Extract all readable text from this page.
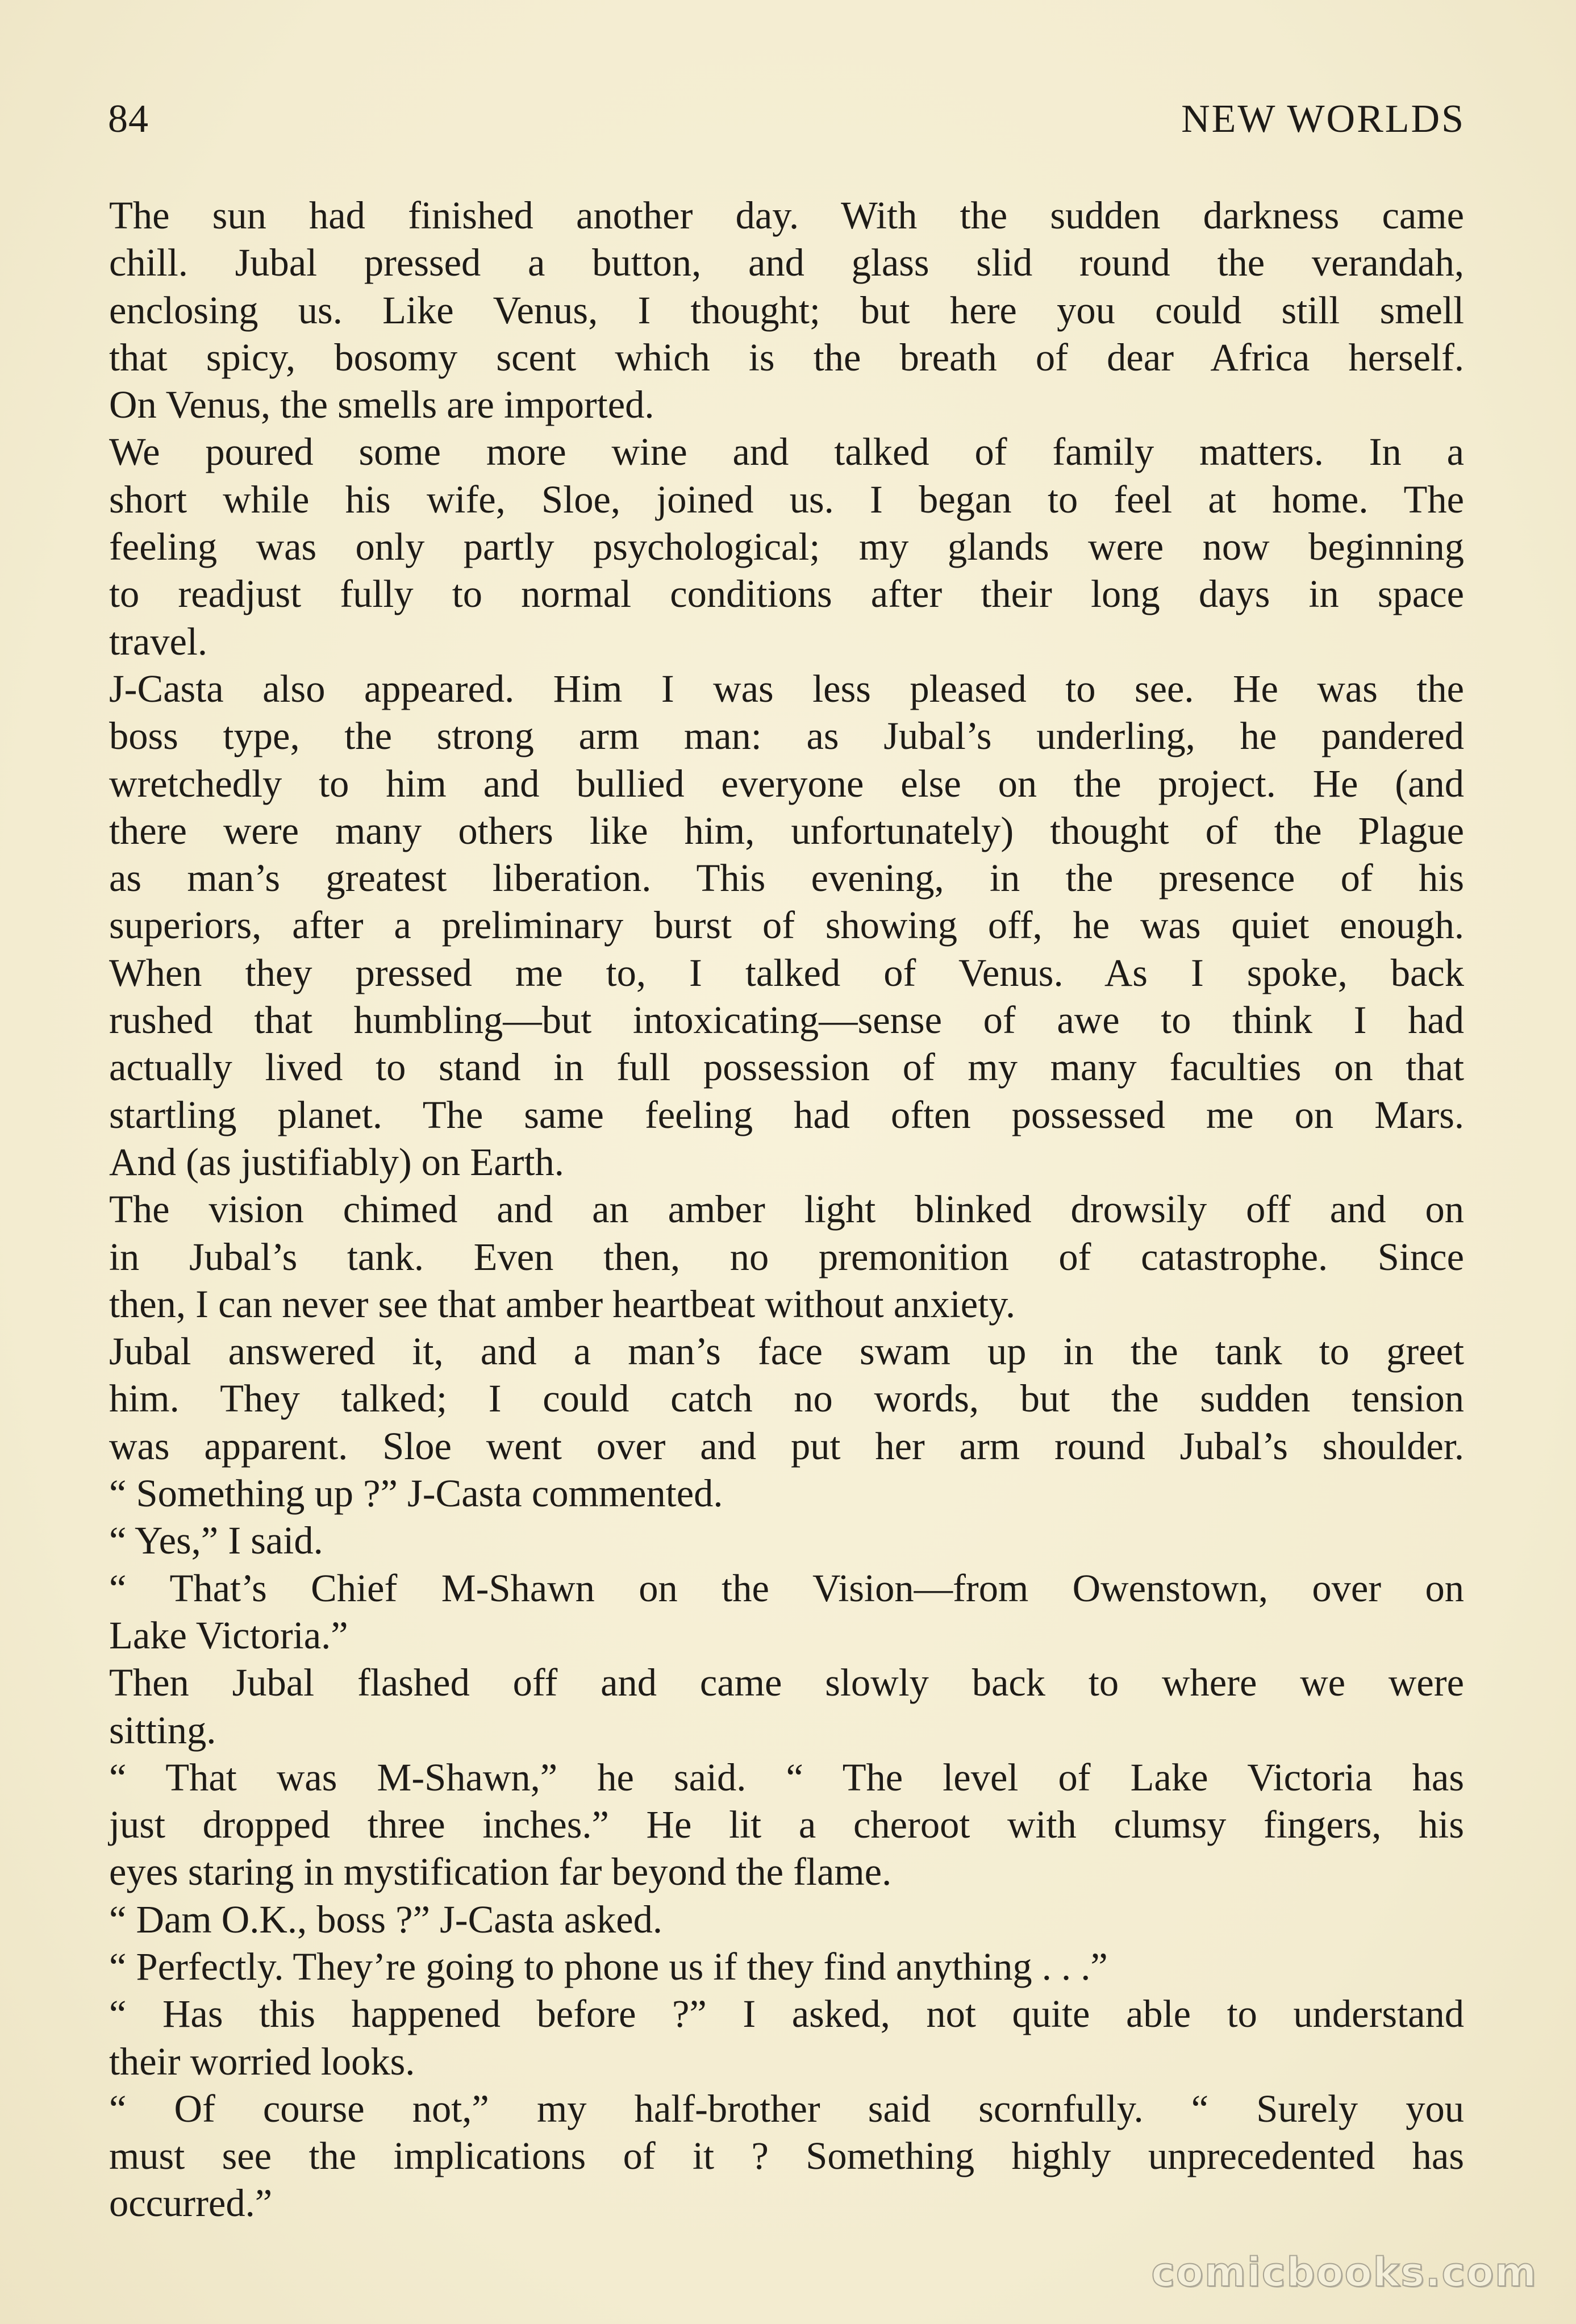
84	NEW WORLDS
The sun had finished another day. With the sudden darkness came
chill. Jubal pressed a button, and glass slid round the verandah,
enclosing us. Like Venus, I thought; but here you could still smell
that spicy, bosomy scent which is the breath of dear Africa herself.
On Venus, the smells are imported.
We poured some more wine and talked of family matters. In a
short while his wife, Sloe, joined us. I began to feel at home. The
feeling was only partly psychological; my glands were now beginning
to readjust fully to normal conditions after their long days in space
travel.
J-Casta also appeared. Him I was less pleased to see. He was the
boss type, the strong arm man: as Jubal’s underling, he pandered
wretchedly to him and bullied everyone else on the project. He (and
there were many others like him, unfortunately) thought of the Plague
as man’s greatest liberation. This evening, in the presence of his
superiors, after a preliminary burst of showing off, he was quiet enough.
When they pressed me to, I talked of Venus. As I spoke, back
rushed that humbling—but intoxicating—sense of awe to think I had
actually lived to stand in full possession of my many faculties on that
startling planet. The same feeling had often possessed me on Mars.
And (as justifiably) on Earth.
The vision chimed and an amber light blinked drowsily off and on
in Jubal’s tank. Even then, no premonition of catastrophe. Since
then, I can never see that amber heartbeat without anxiety.
Jubal answered it, and a man’s face swam up in the tank to greet
him. They talked; I could catch no words, but the sudden tension
was apparent. Sloe went over and put her arm round Jubal’s shoulder.
“ Something up ?” J-Casta commented.
“ Yes,” I said.
“ That’s Chief M-Shawn on the Vision—from Owenstown, over on
Lake Victoria.”
Then Jubal flashed off and came slowly back to where we were
sitting.
“ That was M-Shawn,” he said. “ The level of Lake Victoria has
just dropped three inches.” He lit a cheroot with clumsy fingers, his
eyes staring in mystification far beyond the flame.
“ Dam O.K., boss ?” J-Casta asked.
“ Perfectly. They’re going to phone us if they find anything . . .”
“ Has this happened before ?” I asked, not quite able to understand
their worried looks.
“ Of course not,” my half-brother said scornfully. “ Surely you
must see the implications of it ? Something highly unprecedented has
occurred.”
comicbooks.com
